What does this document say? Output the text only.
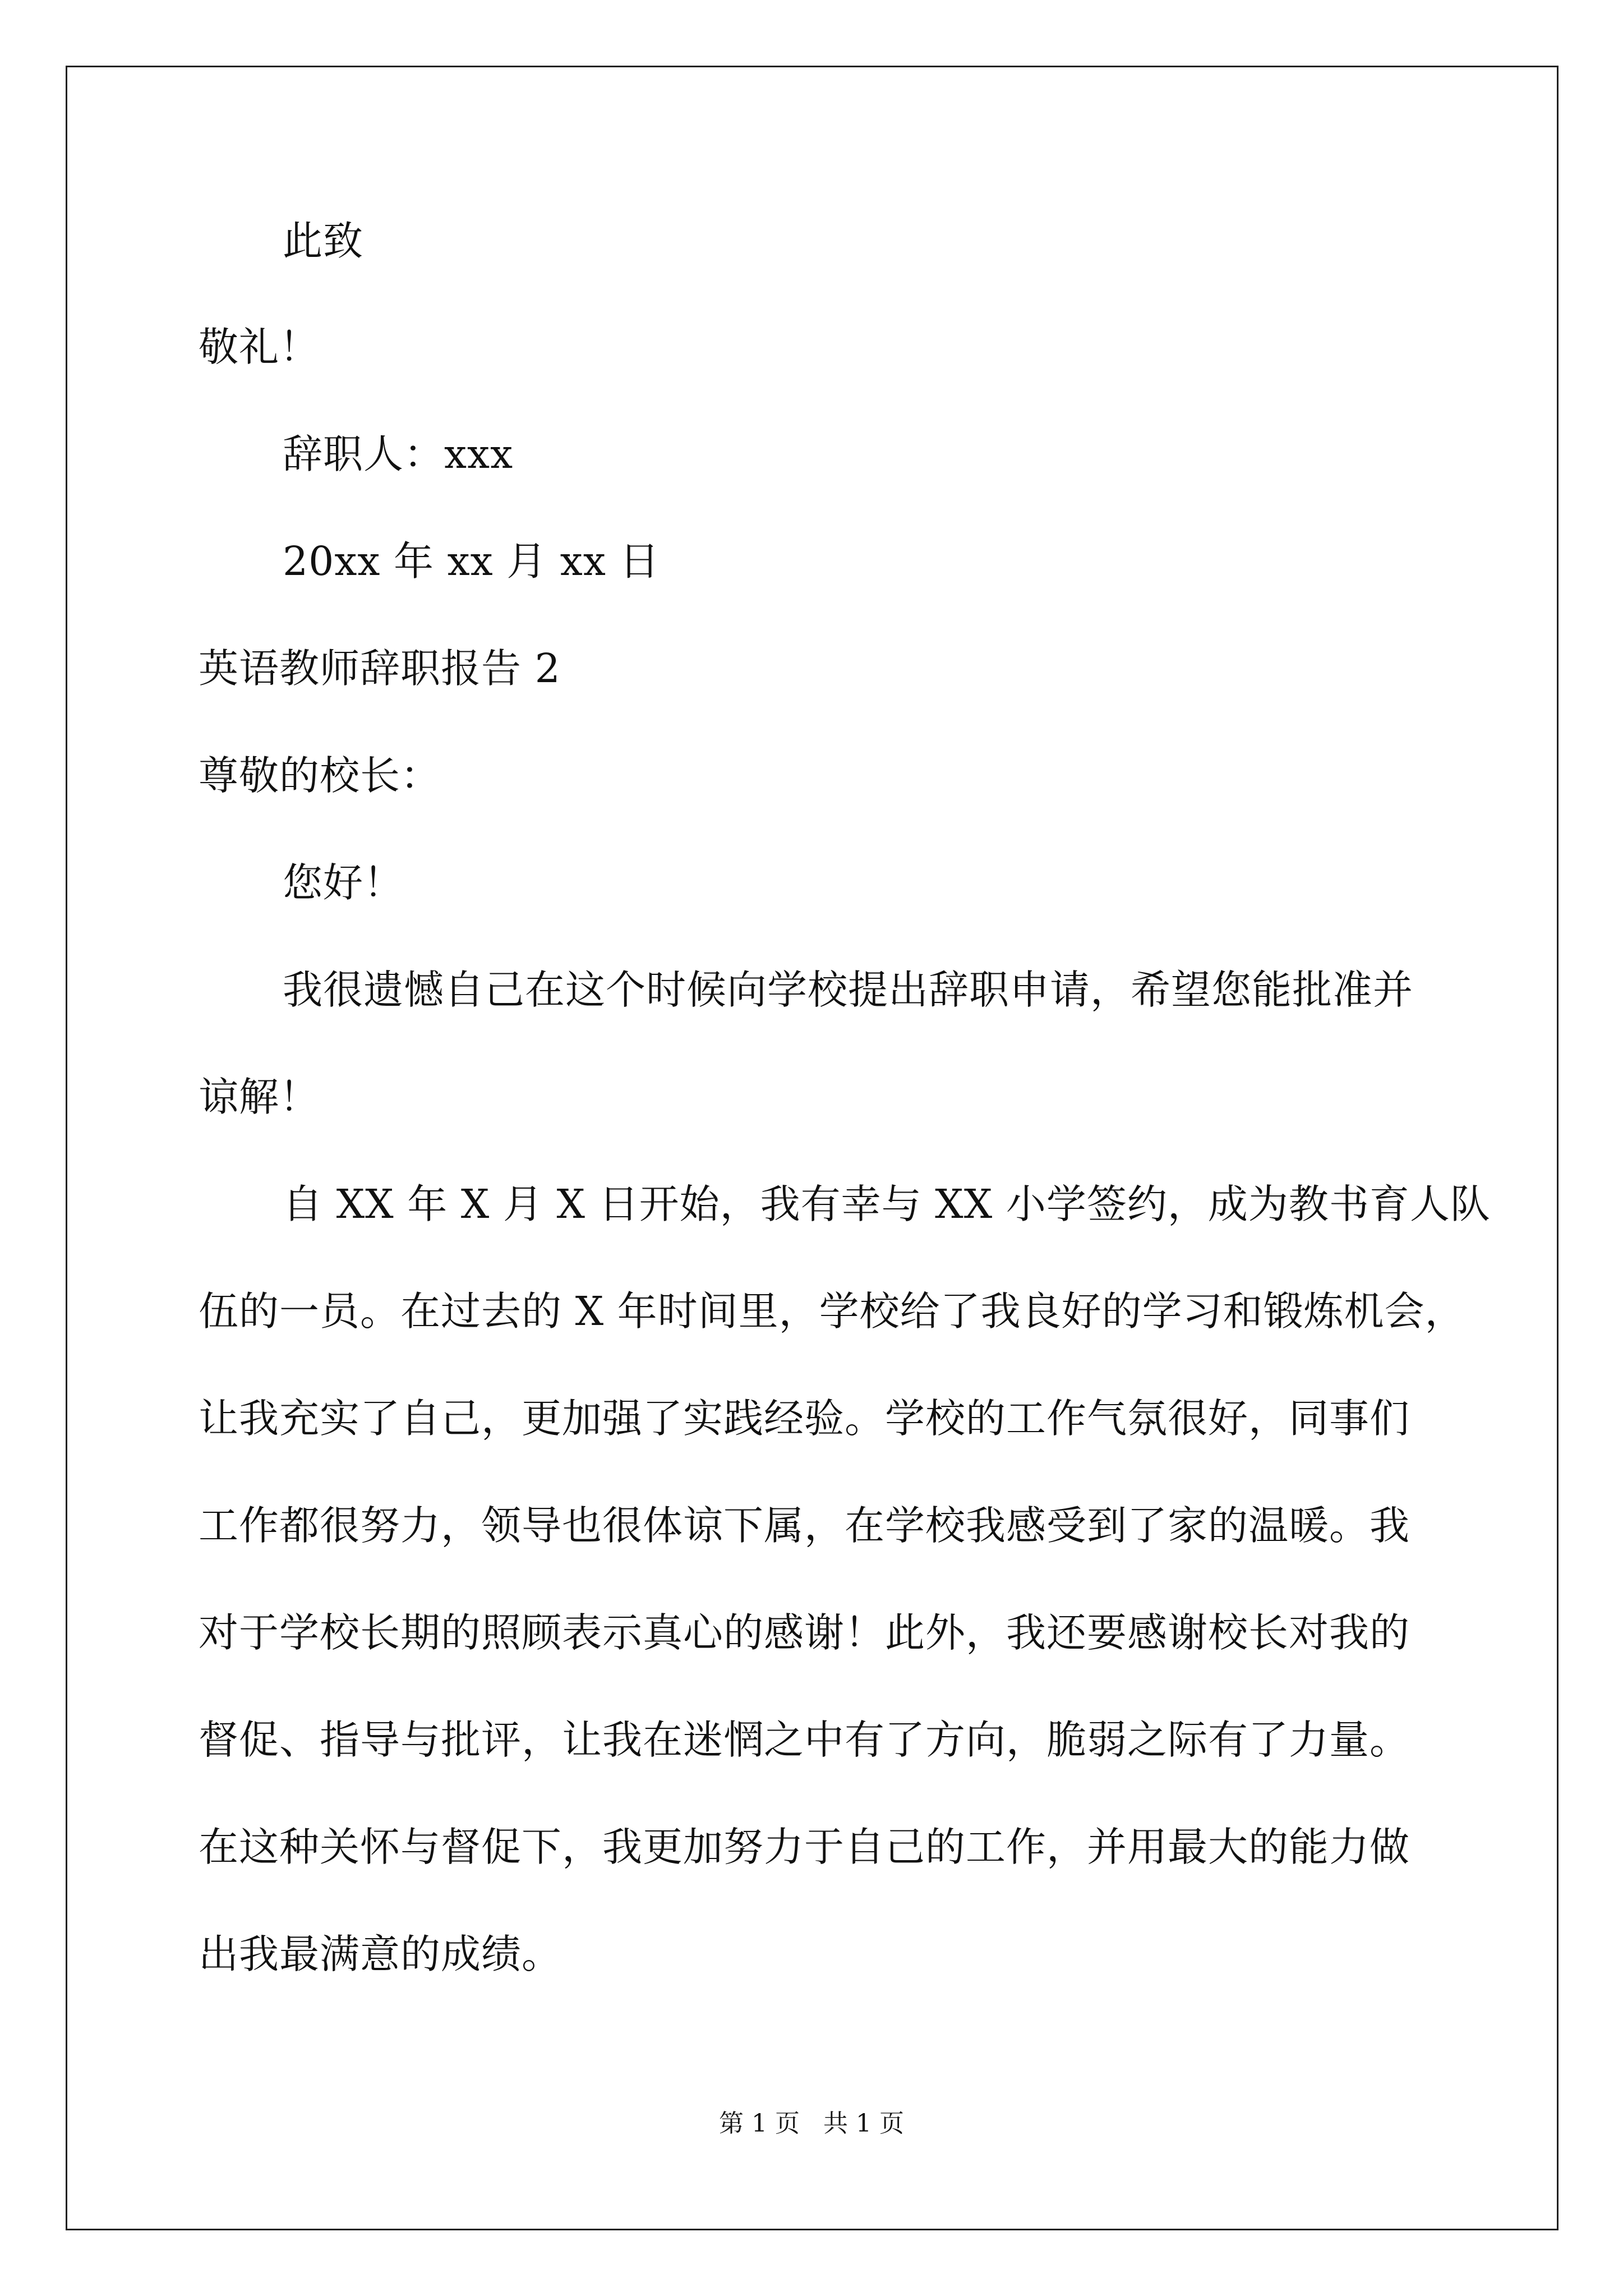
此致
敬礼！
辞职人：xxx
20xx 年 xx 月 xx 日
英语教师辞职报告 2
尊敬的校长：
您好！
我很遗憾自己在这个时候向学校提出辞职申请，希望您能批准并
谅解！
自 XX 年 X 月 X 日开始，我有幸与 XX 小学签约，成为教书育人队
伍的一员。在过去的 X 年时间里，学校给了我良好的学习和锻炼机会，
让我充实了自己，更加强了实践经验。学校的工作气氛很好，同事们
工作都很努力，领导也很体谅下属，在学校我感受到了家的温暖。我
对于学校长期的照顾表示真心的感谢！此外，我还要感谢校长对我的
督促、指导与批评，让我在迷惘之中有了方向，脆弱之际有了力量。
在这种关怀与督促下，我更加努力于自己的工作，并用最大的能力做
出我最满意的成绩。
第 1 页   共 1 页
